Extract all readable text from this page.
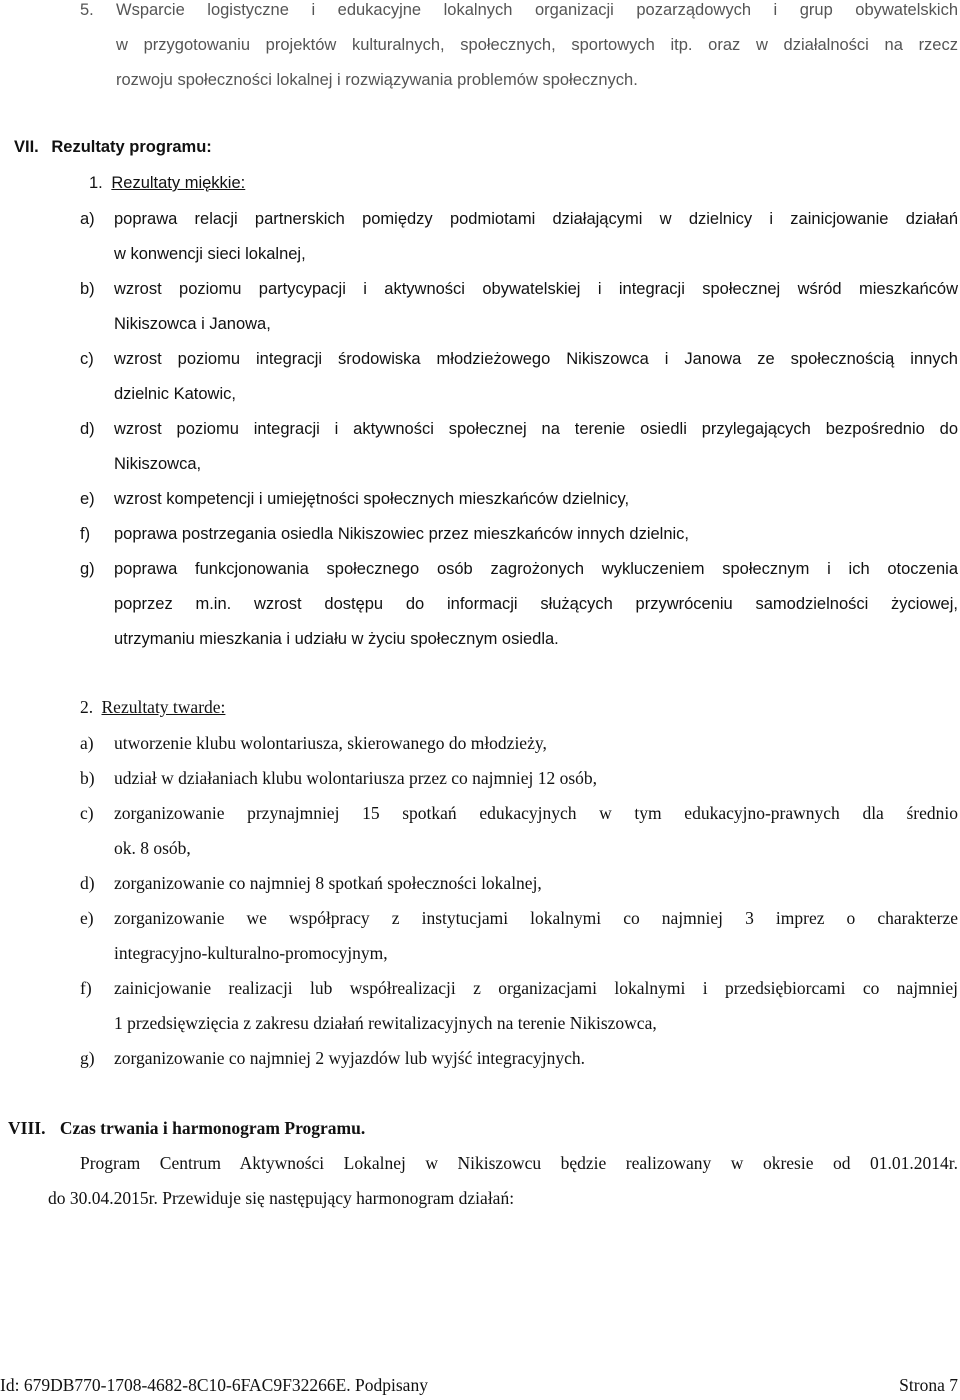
5. Wsparcie logistyczne i edukacyjne lokalnych organizacji pozarządowych i grup obywatelskich
w przygotowaniu projektów kulturalnych, społecznych, sportowych itp. oraz w działalności na rzecz
rozwoju społeczności lokalnej i rozwiązywania problemów społecznych.
VII. Rezultaty programu:
1. Rezultaty miękkie:
a) poprawa relacji partnerskich pomiędzy podmiotami działającymi w dzielnicy i zainicjowanie działań
w konwencji sieci lokalnej,
b) wzrost poziomu partycypacji i aktywności obywatelskiej i integracji społecznej wśród mieszkańców
Nikiszowca i Janowa,
c) wzrost poziomu integracji środowiska młodzieżowego Nikiszowca i Janowa ze społecznością innych
dzielnic Katowic,
d) wzrost poziomu integracji i aktywności społecznej na terenie osiedli przylegających bezpośrednio do
Nikiszowca,
e) wzrost kompetencji i umiejętności społecznych mieszkańców dzielnicy,
f) poprawa postrzegania osiedla Nikiszowiec przez mieszkańców innych dzielnic,
g) poprawa funkcjonowania społecznego osób zagrożonych wykluczeniem społecznym i ich otoczenia
poprzez m.in. wzrost dostępu do informacji służących przywróceniu samodzielności życiowej,
utrzymaniu mieszkania i udziału w życiu społecznym osiedla.
2. Rezultaty twarde:
a) utworzenie klubu wolontariusza, skierowanego do młodzieży,
b) udział w działaniach klubu wolontariusza przez co najmniej 12 osób,
c) zorganizowanie przynajmniej 15 spotkań edukacyjnych w tym edukacyjno-prawnych dla średnio
ok. 8 osób,
d) zorganizowanie co najmniej 8 spotkań społeczności lokalnej,
e) zorganizowanie we współpracy z instytucjami lokalnymi co najmniej 3 imprez o charakterze
integracyjno-kulturalno-promocyjnym,
f) zainicjowanie realizacji lub współrealizacji z organizacjami lokalnymi i przedsiębiorcami co najmniej
1 przedsięwzięcia z zakresu działań rewitalizacyjnych na terenie Nikiszowca,
g) zorganizowanie co najmniej 2 wyjazdów lub wyjść integracyjnych.
VIII. Czas trwania i harmonogram Programu.
Program Centrum Aktywności Lokalnej w Nikiszowcu będzie realizowany w okresie od 01.01.2014r.
do 30.04.2015r. Przewiduje się następujący harmonogram działań:
Id: 679DB770-1708-4682-8C10-6FAC9F32266E. Podpisany	Strona 7
